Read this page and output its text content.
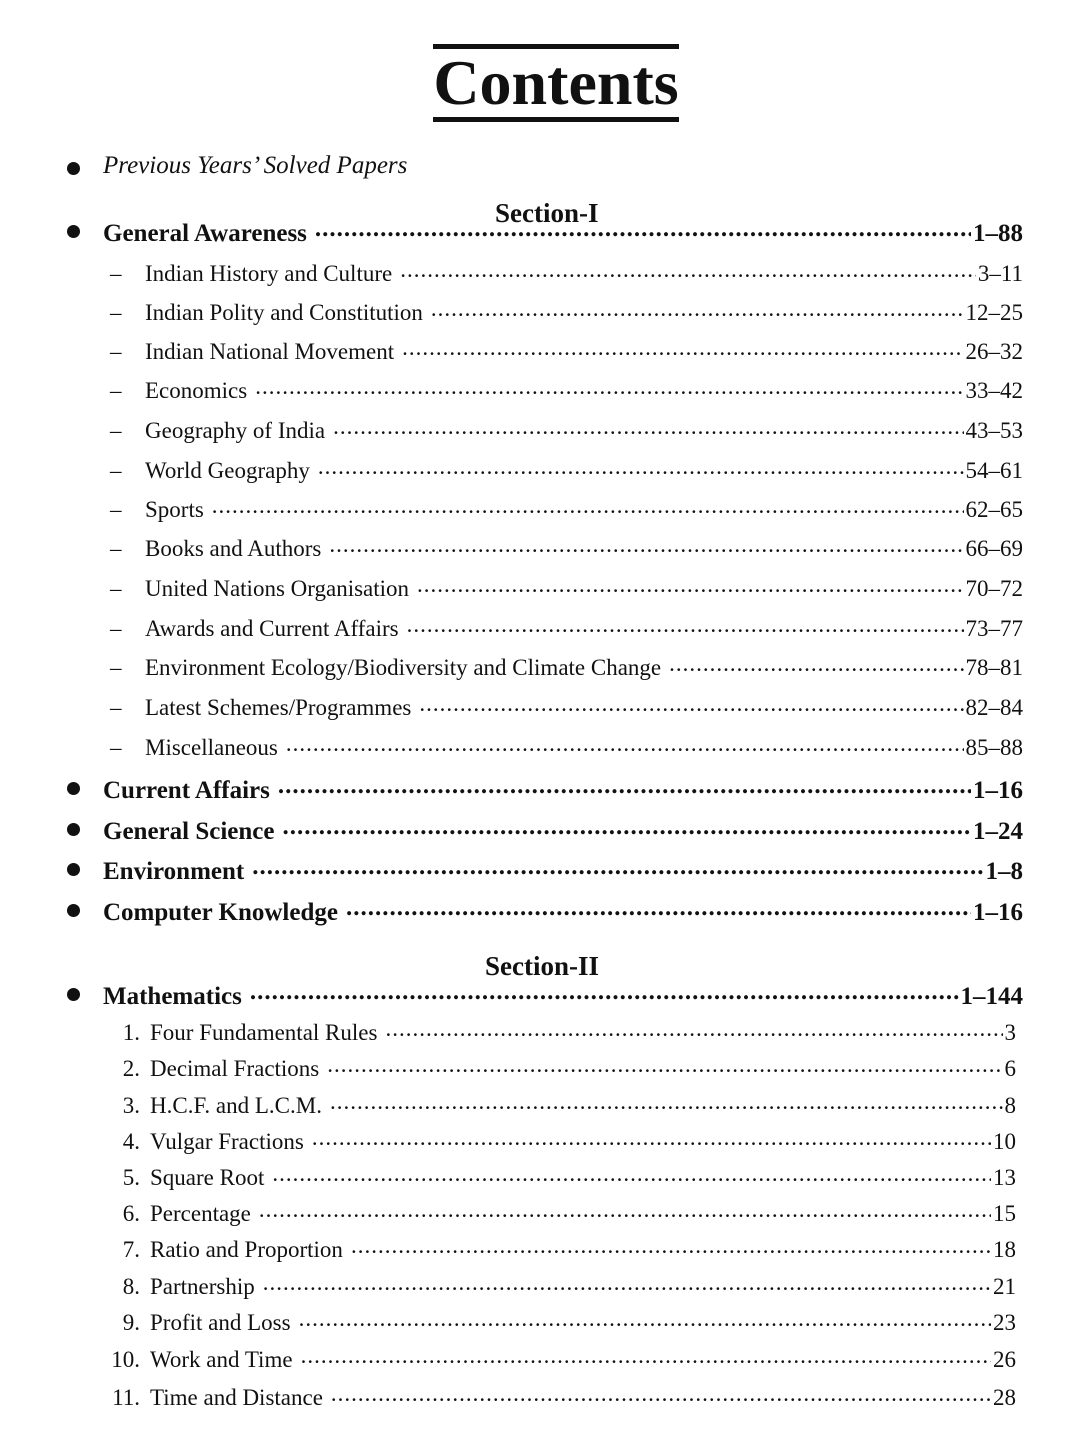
Contents
Previous Years’ Solved Papers
Section-I
General Awareness .....	1–88
–	Indian History and Culture .....	3–11
–	Indian Polity and Constitution .....	12–25
–	Indian National Movement .....	26–32
–	Economics .....	33–42
–	Geography of India .....	43–53
–	World Geography .....	54–61
–	Sports .....	62–65
–	Books and Authors .....	66–69
–	United Nations Organisation .....	70–72
–	Awards and Current Affairs .....	73–77
–	Environment Ecology/Biodiversity and Climate Change .....	78–81
–	Latest Schemes/Programmes .....	82–84
–	Miscellaneous .....	85–88
Current Affairs .....	1–16
General Science .....	1–24
Environment .....	1–8
Computer Knowledge .....	1–16
Section-II
Mathematics .....	1–144
1. Four Fundamental Rules .....	3
2. Decimal Fractions .....	6
3. H.C.F. and L.C.M. .....	8
4. Vulgar Fractions .....	10
5. Square Root .....	13
6. Percentage .....	15
7. Ratio and Proportion .....	18
8. Partnership .....	21
9. Profit and Loss .....	23
10. Work and Time .....	26
11. Time and Distance .....	28
